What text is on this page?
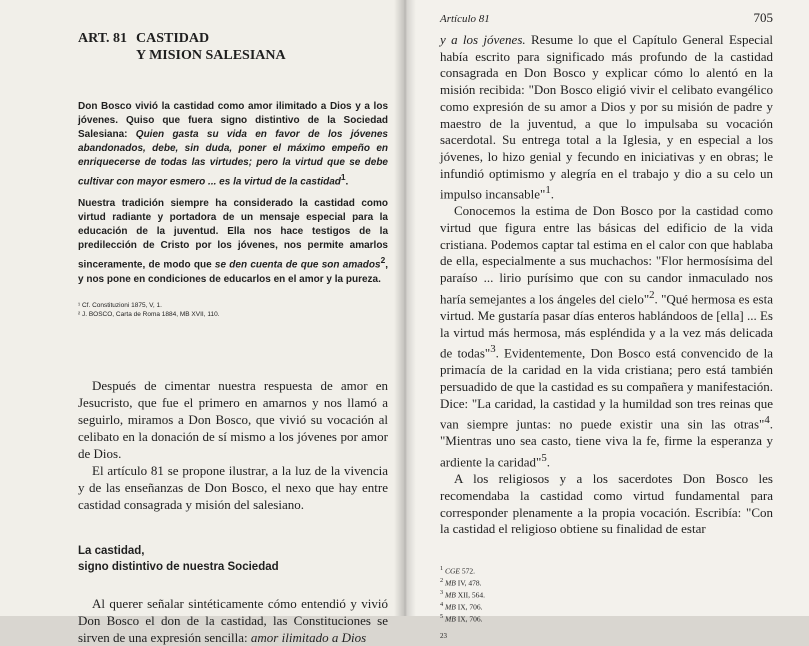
ART. 81 CASTIDAD
Y MISION SALESIANA

Don Bosco vivió la castidad como amor ilimitado a Dios y a los jóvenes. Quiso que fuera signo distintivo de la Sociedad Salesiana: Quien gasta su vida en favor de los jóvenes abandonados, debe, sin duda, poner el máximo empeño en enriquecerse de todas las virtudes; pero la virtud que se debe cultivar con mayor esmero ... es la virtud de la castidad$^1$.

Nuestra tradición siempre ha considerado la castidad como virtud radiante y portadora de un mensaje especial para la educación de la juventud. Ella nos hace testigos de la predilección de Cristo por los jóvenes, nos permite amarlos sinceramente, de modo que se den cuenta de que son amados$^2$, y nos pone en condiciones de educarlos en el amor y la pureza.

¹ Cf. Constituzioni 1875, V, 1.
² J. BOSCO, Carta de Roma 1884, MB XVII, 110.

Después de cimentar nuestra respuesta de amor en Jesucristo, que fue el primero en amarnos y nos llamó a seguirlo, miramos a Don Bosco, que vivió su vocación al celibato en la donación de sí mismo a los jóvenes por amor de Dios.

El artículo 81 se propone ilustrar, a la luz de la vivencia y de las enseñanzas de Don Bosco, el nexo que hay entre castidad consagrada y misión del salesiano.

La castidad,
signo distintivo de nuestra Sociedad

Al querer señalar sintéticamente cómo entendió y vivió Don Bosco el don de la castidad, las Constituciones se sirven de una expresión sencilla: amor ilimitado a Dios

Artículo 81	705

y a los jóvenes. Resume lo que el Capítulo General Especial había escrito para significado más profundo de la castidad consagrada en Don Bosco y explicar cómo lo alentó en la misión recibida: "Don Bosco eligió vivir el celibato evangélico como expresión de su amor a Dios y por su misión de padre y maestro de la juventud, a que lo impulsaba su vocación sacerdotal. Su entrega total a la Iglesia, y en especial a los jóvenes, lo hizo genial y fecundo en iniciativas y en obras; le infundió optimismo y alegría en el trabajo y dio a su celo un impulso incansable"$^1$.

Conocemos la estima de Don Bosco por la castidad como virtud que figura entre las básicas del edificio de la vida cristiana. Podemos captar tal estima en el calor con que hablaba de ella, especialmente a sus muchachos: "Flor hermosísima del paraíso ... lirio purísimo que con su candor inmaculado nos haría semejantes a los ángeles del cielo"$^2$. "Qué hermosa es esta virtud. Me gustaría pasar días enteros hablándoos de [ella] ... Es la virtud más hermosa, más espléndida y a la vez más delicada de todas"$^3$. Evidentemente, Don Bosco está convencido de la primacía de la caridad en la vida cristiana; pero está también persuadido de que la castidad es su compañera y manifestación. Dice: "La caridad, la castidad y la humildad son tres reinas que van siempre juntas: no puede existir una sin las otras"$^4$. "Mientras uno sea casto, tiene viva la fe, firme la esperanza y ardiente la caridad"$^5$.

A los religiosos y a los sacerdotes Don Bosco les recomendaba la castidad como virtud fundamental para corresponder plenamente a la propia vocación. Escribía: "Con la castidad el religioso obtiene su finalidad de estar

$^1$ CGE 572.
$^2$ MB IV, 478.
$^3$ MB XII, 564.
$^4$ MB IX, 706.
$^5$ MB IX, 706.
23
